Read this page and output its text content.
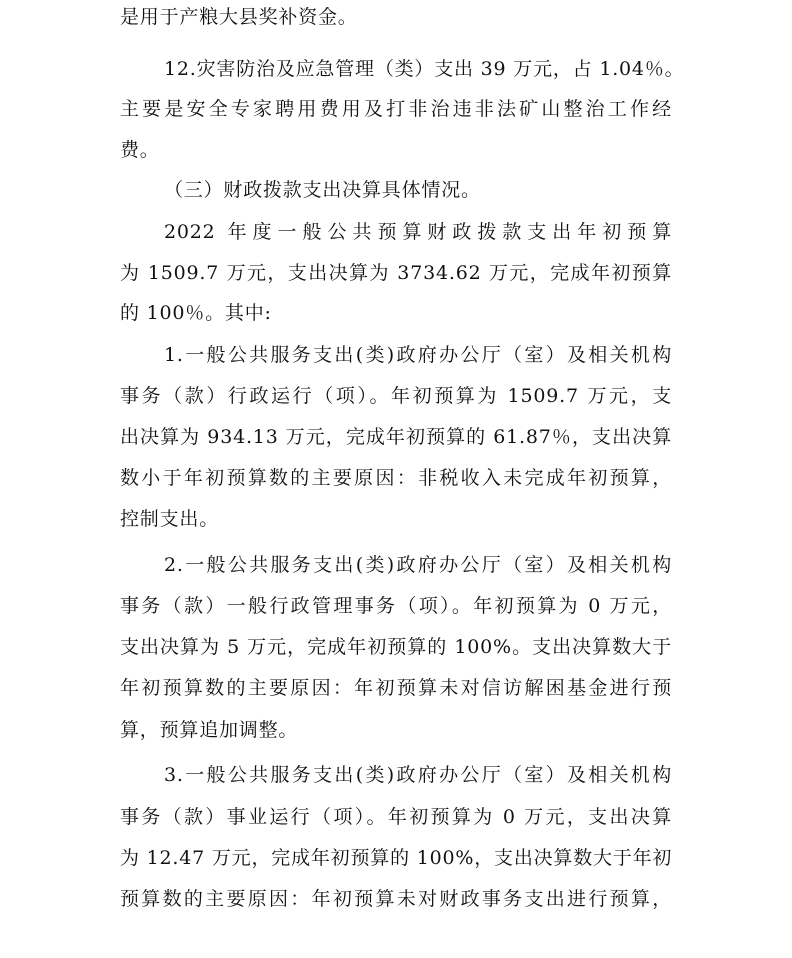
是用于产粮大县奖补资金。
12.灾害防治及应急管理（类）支出 39 万元，占 1.04％。
主要是安全专家聘用费用及打非治违非法矿山整治工作经
费。
（三）财政拨款支出决算具体情况。
2022 年度一般公共预算财政拨款支出年初预算
为 1509.7 万元，支出决算为 3734.62 万元，完成年初预算
的 100％。其中:
1.一般公共服务支出(类)政府办公厅（室）及相关机构
事务（款）行政运行（项）。年初预算为 1509.7 万元，支
出决算为 934.13 万元，完成年初预算的 61.87％，支出决算
数小于年初预算数的主要原因：非税收入未完成年初预算，
控制支出。
2.一般公共服务支出(类)政府办公厅（室）及相关机构
事务（款）一般行政管理事务（项）。年初预算为 0 万元，
支出决算为 5 万元，完成年初预算的 100%。支出决算数大于
年初预算数的主要原因：年初预算未对信访解困基金进行预
算，预算追加调整。
3.一般公共服务支出(类)政府办公厅（室）及相关机构
事务（款）事业运行（项）。年初预算为 0 万元，支出决算
为 12.47 万元，完成年初预算的 100%，支出决算数大于年初
预算数的主要原因：年初预算未对财政事务支出进行预算，
